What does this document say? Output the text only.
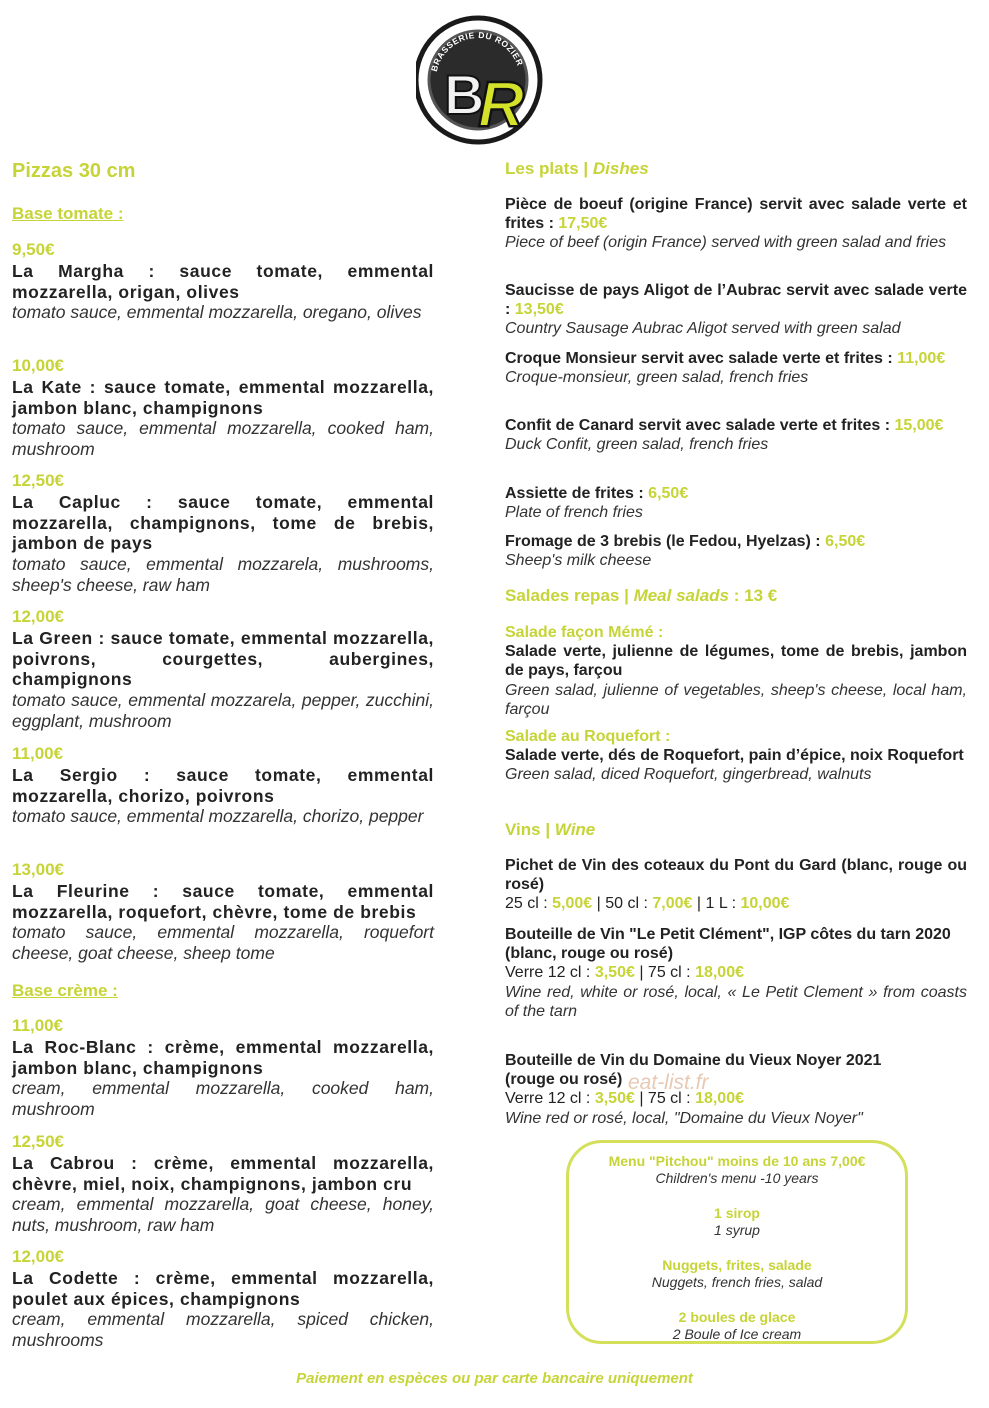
BRASSERIE DU ROZIER
B
R
Pizzas 30 cm
Base tomate :
9,50€
La Margha : sauce tomate, emmental mozzarella, origan, olives
tomato sauce, emmental mozzarella, oregano, olives
10,00€
La Kate : sauce tomate, emmental mozzarella, jambon blanc, champignons
tomato sauce, emmental mozzarella, cooked ham, mushroom
12,50€
La Capluc : sauce tomate, emmental mozzarella, champignons, tome de brebis, jambon de pays
tomato sauce, emmental mozzarela, mushrooms, sheep's cheese, raw ham
12,00€
La Green : sauce tomate, emmental mozzarella, poivrons, courgettes, aubergines, champignons
tomato sauce, emmental mozzarela, pepper, zucchini, eggplant, mushroom
11,00€
La Sergio : sauce tomate, emmental mozzarella, chorizo, poivrons
tomato sauce, emmental mozzarella, chorizo, pepper
13,00€
La Fleurine : sauce tomate, emmental mozzarella, roquefort, chèvre, tome de brebis
tomato sauce, emmental mozzarella, roquefort cheese, goat cheese, sheep tome
Base crème :
11,00€
La Roc-Blanc : crème, emmental mozzarella, jambon blanc, champignons
cream, emmental mozzarella, cooked ham, mushroom
12,50€
La Cabrou : crème, emmental mozzarella, chèvre, miel, noix, champignons, jambon cru
cream, emmental mozzarella, goat cheese, honey, nuts, mushroom, raw ham
12,00€
La Codette : crème, emmental mozzarella, poulet aux épices, champignons
cream, emmental mozzarella, spiced chicken, mushrooms
Les plats | Dishes
Pièce de boeuf (origine France) servit avec salade verte et frites : 17,50€
Piece of beef (origin France) served with green salad and fries
Saucisse de pays Aligot de l’Aubrac servit avec salade verte : 13,50€
Country Sausage Aubrac Aligot served with green salad
Croque Monsieur servit avec salade verte et frites : 11,00€
Croque-monsieur, green salad, french fries
Confit de Canard servit avec salade verte et frites : 15,00€
Duck Confit, green salad, french fries
Assiette de frites : 6,50€
Plate of french fries
Fromage de 3 brebis (le Fedou, Hyelzas) : 6,50€
Sheep's milk cheese
Salades repas | Meal salads : 13 €
Salade façon Mémé :
Salade verte, julienne de légumes, tome de brebis, jambon de pays, farçou
Green salad, julienne of vegetables, sheep's cheese, local ham, farçou
Salade au Roquefort :
Salade verte, dés de Roquefort, pain d’épice, noix Roquefort
Green salad, diced Roquefort, gingerbread, walnuts
Vins | Wine
Pichet de Vin des coteaux du Pont du Gard (blanc, rouge ou rosé)
25 cl : 5,00€ | 50 cl : 7,00€ | 1 L : 10,00€
Bouteille de Vin "Le Petit Clément", IGP côtes du tarn 2020
(blanc, rouge ou rosé)
Verre 12 cl : 3,50€ | 75 cl : 18,00€
Wine red, white or rosé, local, « Le Petit Clement » from coasts of the tarn
Bouteille de Vin du Domaine du Vieux Noyer 2021
(rouge ou rosé)
Verre 12 cl : 3,50€ | 75 cl : 18,00€
Wine red or rosé, local, "Domaine du Vieux Noyer"
eat-list.fr
Menu "Pitchou" moins de 10 ans 7,00€
Children's menu -10 years
1 sirop
1 syrup
Nuggets, frites, salade
Nuggets, french fries, salad
2 boules de glace
2 Boule of Ice cream
Paiement en espèces ou par carte bancaire uniquement
